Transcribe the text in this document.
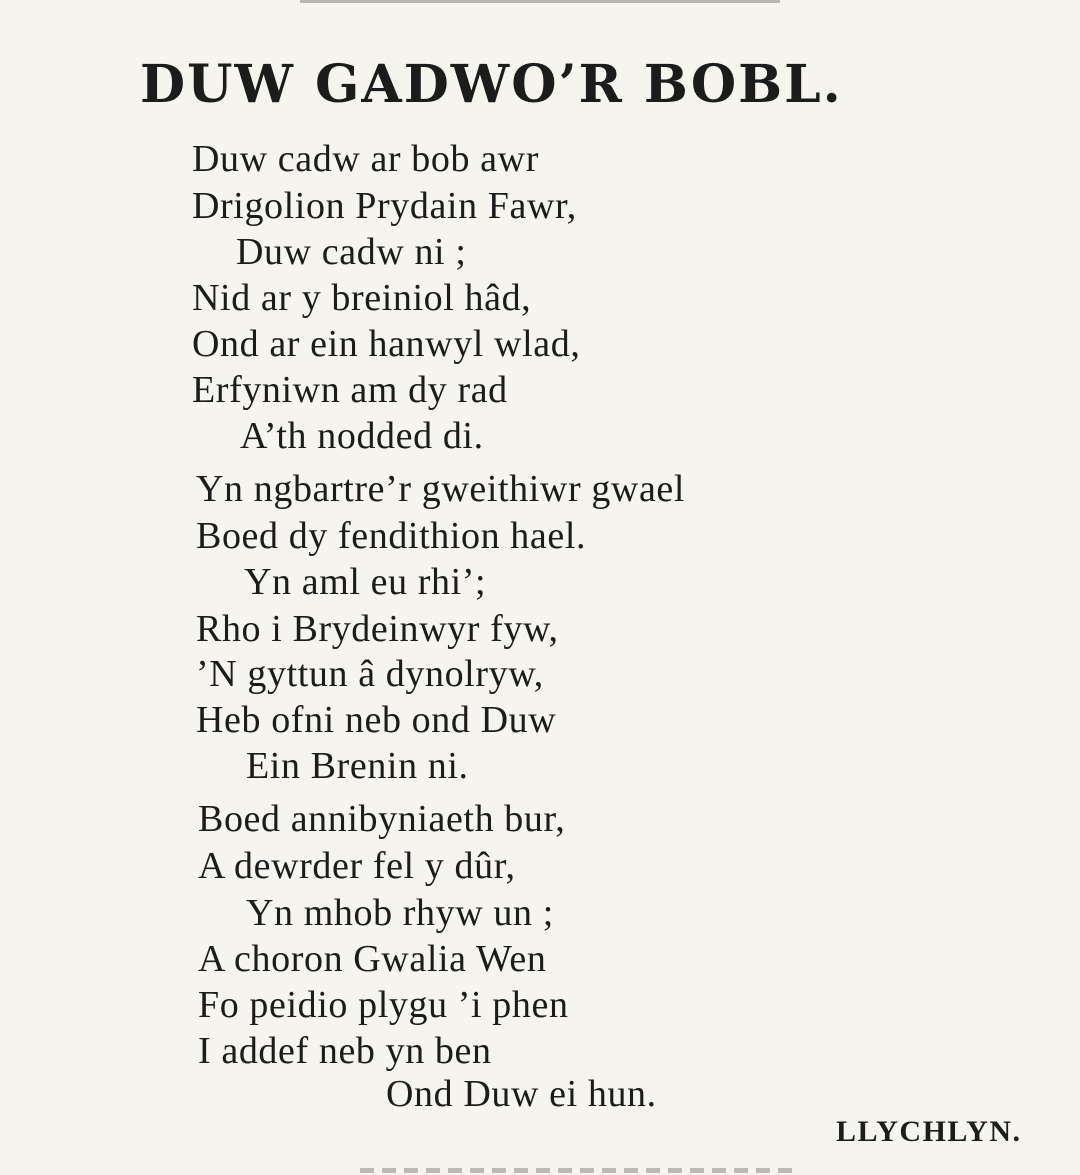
DUW GADWO’R BOBL.
Duw cadw ar bob awr
Drigolion Prydain Fawr,
Duw cadw ni ;
Nid ar y breiniol hâd,
Ond ar ein hanwyl wlad,
Erfyniwn am dy rad
A’th nodded di.
Yn ngbartre’r gweithiwr gwael
Boed dy fendithion hael.
Yn aml eu rhi’;
Rho i Brydeinwyr fyw,
’N gyttun â dynolryw,
Heb ofni neb ond Duw
Ein Brenin ni.
Boed annibyniaeth bur,
A dewrder fel y dûr,
Yn mhob rhyw un ;
A choron Gwalia Wen
Fo peidio plygu ’i phen
I addef neb yn ben
Ond Duw ei hun.
LLYCHLYN.
